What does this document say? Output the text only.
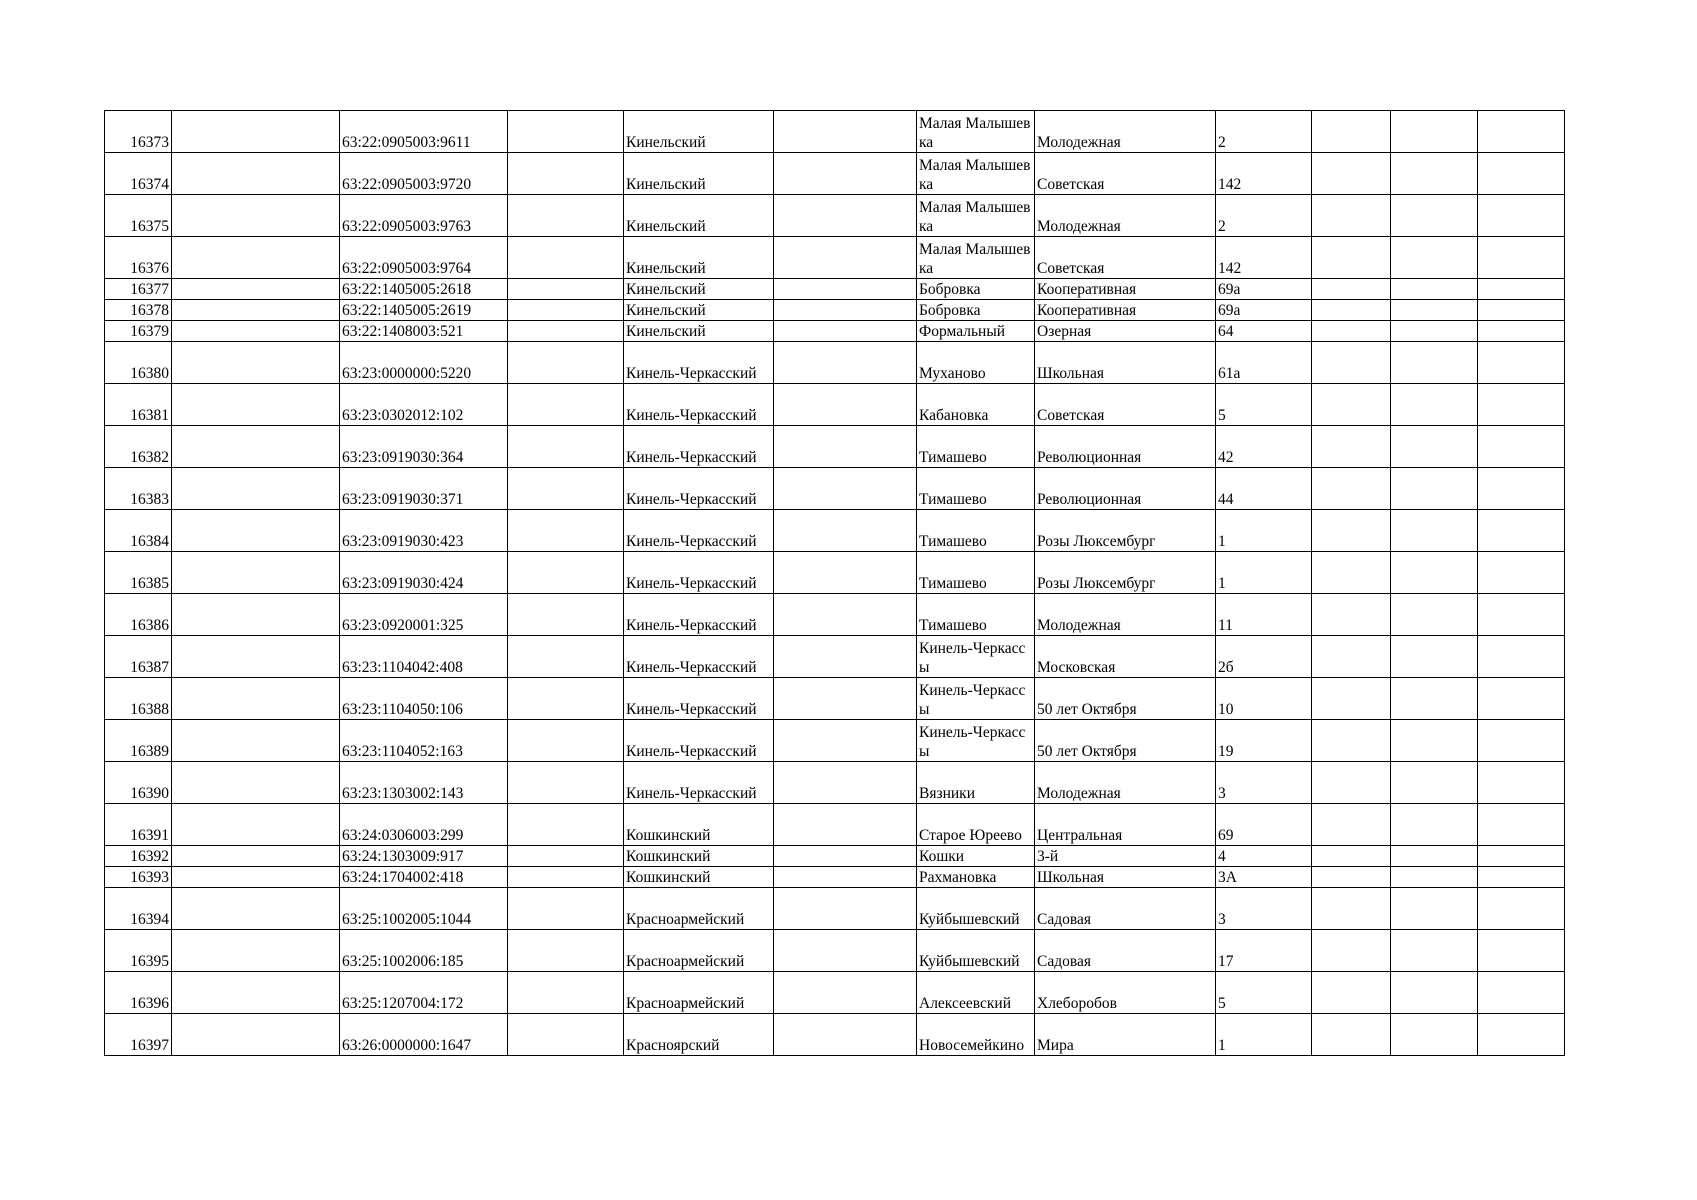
16373		63:22:0905003:9611		Кинельский		Малая Малышевка	Молодежная	2			
16374		63:22:0905003:9720		Кинельский		Малая Малышевка	Советская	142			
16375		63:22:0905003:9763		Кинельский		Малая Малышевка	Молодежная	2			
16376		63:22:0905003:9764		Кинельский		Малая Малышевка	Советская	142			
16377		63:22:1405005:2618		Кинельский		Бобровка	Кооперативная	69а			
16378		63:22:1405005:2619		Кинельский		Бобровка	Кооперативная	69а			
16379		63:22:1408003:521		Кинельский		Формальный	Озерная	64			
16380		63:23:0000000:5220		Кинель-Черкасский		Муханово	Школьная	61а			
16381		63:23:0302012:102		Кинель-Черкасский		Кабановка	Советская	5			
16382		63:23:0919030:364		Кинель-Черкасский		Тимашево	Революционная	42			
16383		63:23:0919030:371		Кинель-Черкасский		Тимашево	Революционная	44			
16384		63:23:0919030:423		Кинель-Черкасский		Тимашево	Розы Люксембург	1			
16385		63:23:0919030:424		Кинель-Черкасский		Тимашево	Розы Люксембург	1			
16386		63:23:0920001:325		Кинель-Черкасский		Тимашево	Молодежная	11			
16387		63:23:1104042:408		Кинель-Черкасский		Кинель-Черкассы	Московская	2б			
16388		63:23:1104050:106		Кинель-Черкасский		Кинель-Черкассы	50 лет Октября	10			
16389		63:23:1104052:163		Кинель-Черкасский		Кинель-Черкассы	50 лет Октября	19			
16390		63:23:1303002:143		Кинель-Черкасский		Вязники	Молодежная	3			
16391		63:24:0306003:299		Кошкинский		Старое Юреево	Центральная	69			
16392		63:24:1303009:917		Кошкинский		Кошки	3-й	4			
16393		63:24:1704002:418		Кошкинский		Рахмановка	Школьная	3А			
16394		63:25:1002005:1044		Красноармейский		Куйбышевский	Садовая	3			
16395		63:25:1002006:185		Красноармейский		Куйбышевский	Садовая	17			
16396		63:25:1207004:172		Красноармейский		Алексеевский	Хлеборобов	5			
16397		63:26:0000000:1647		Красноярский		Новосемейкино	Мира	1			
